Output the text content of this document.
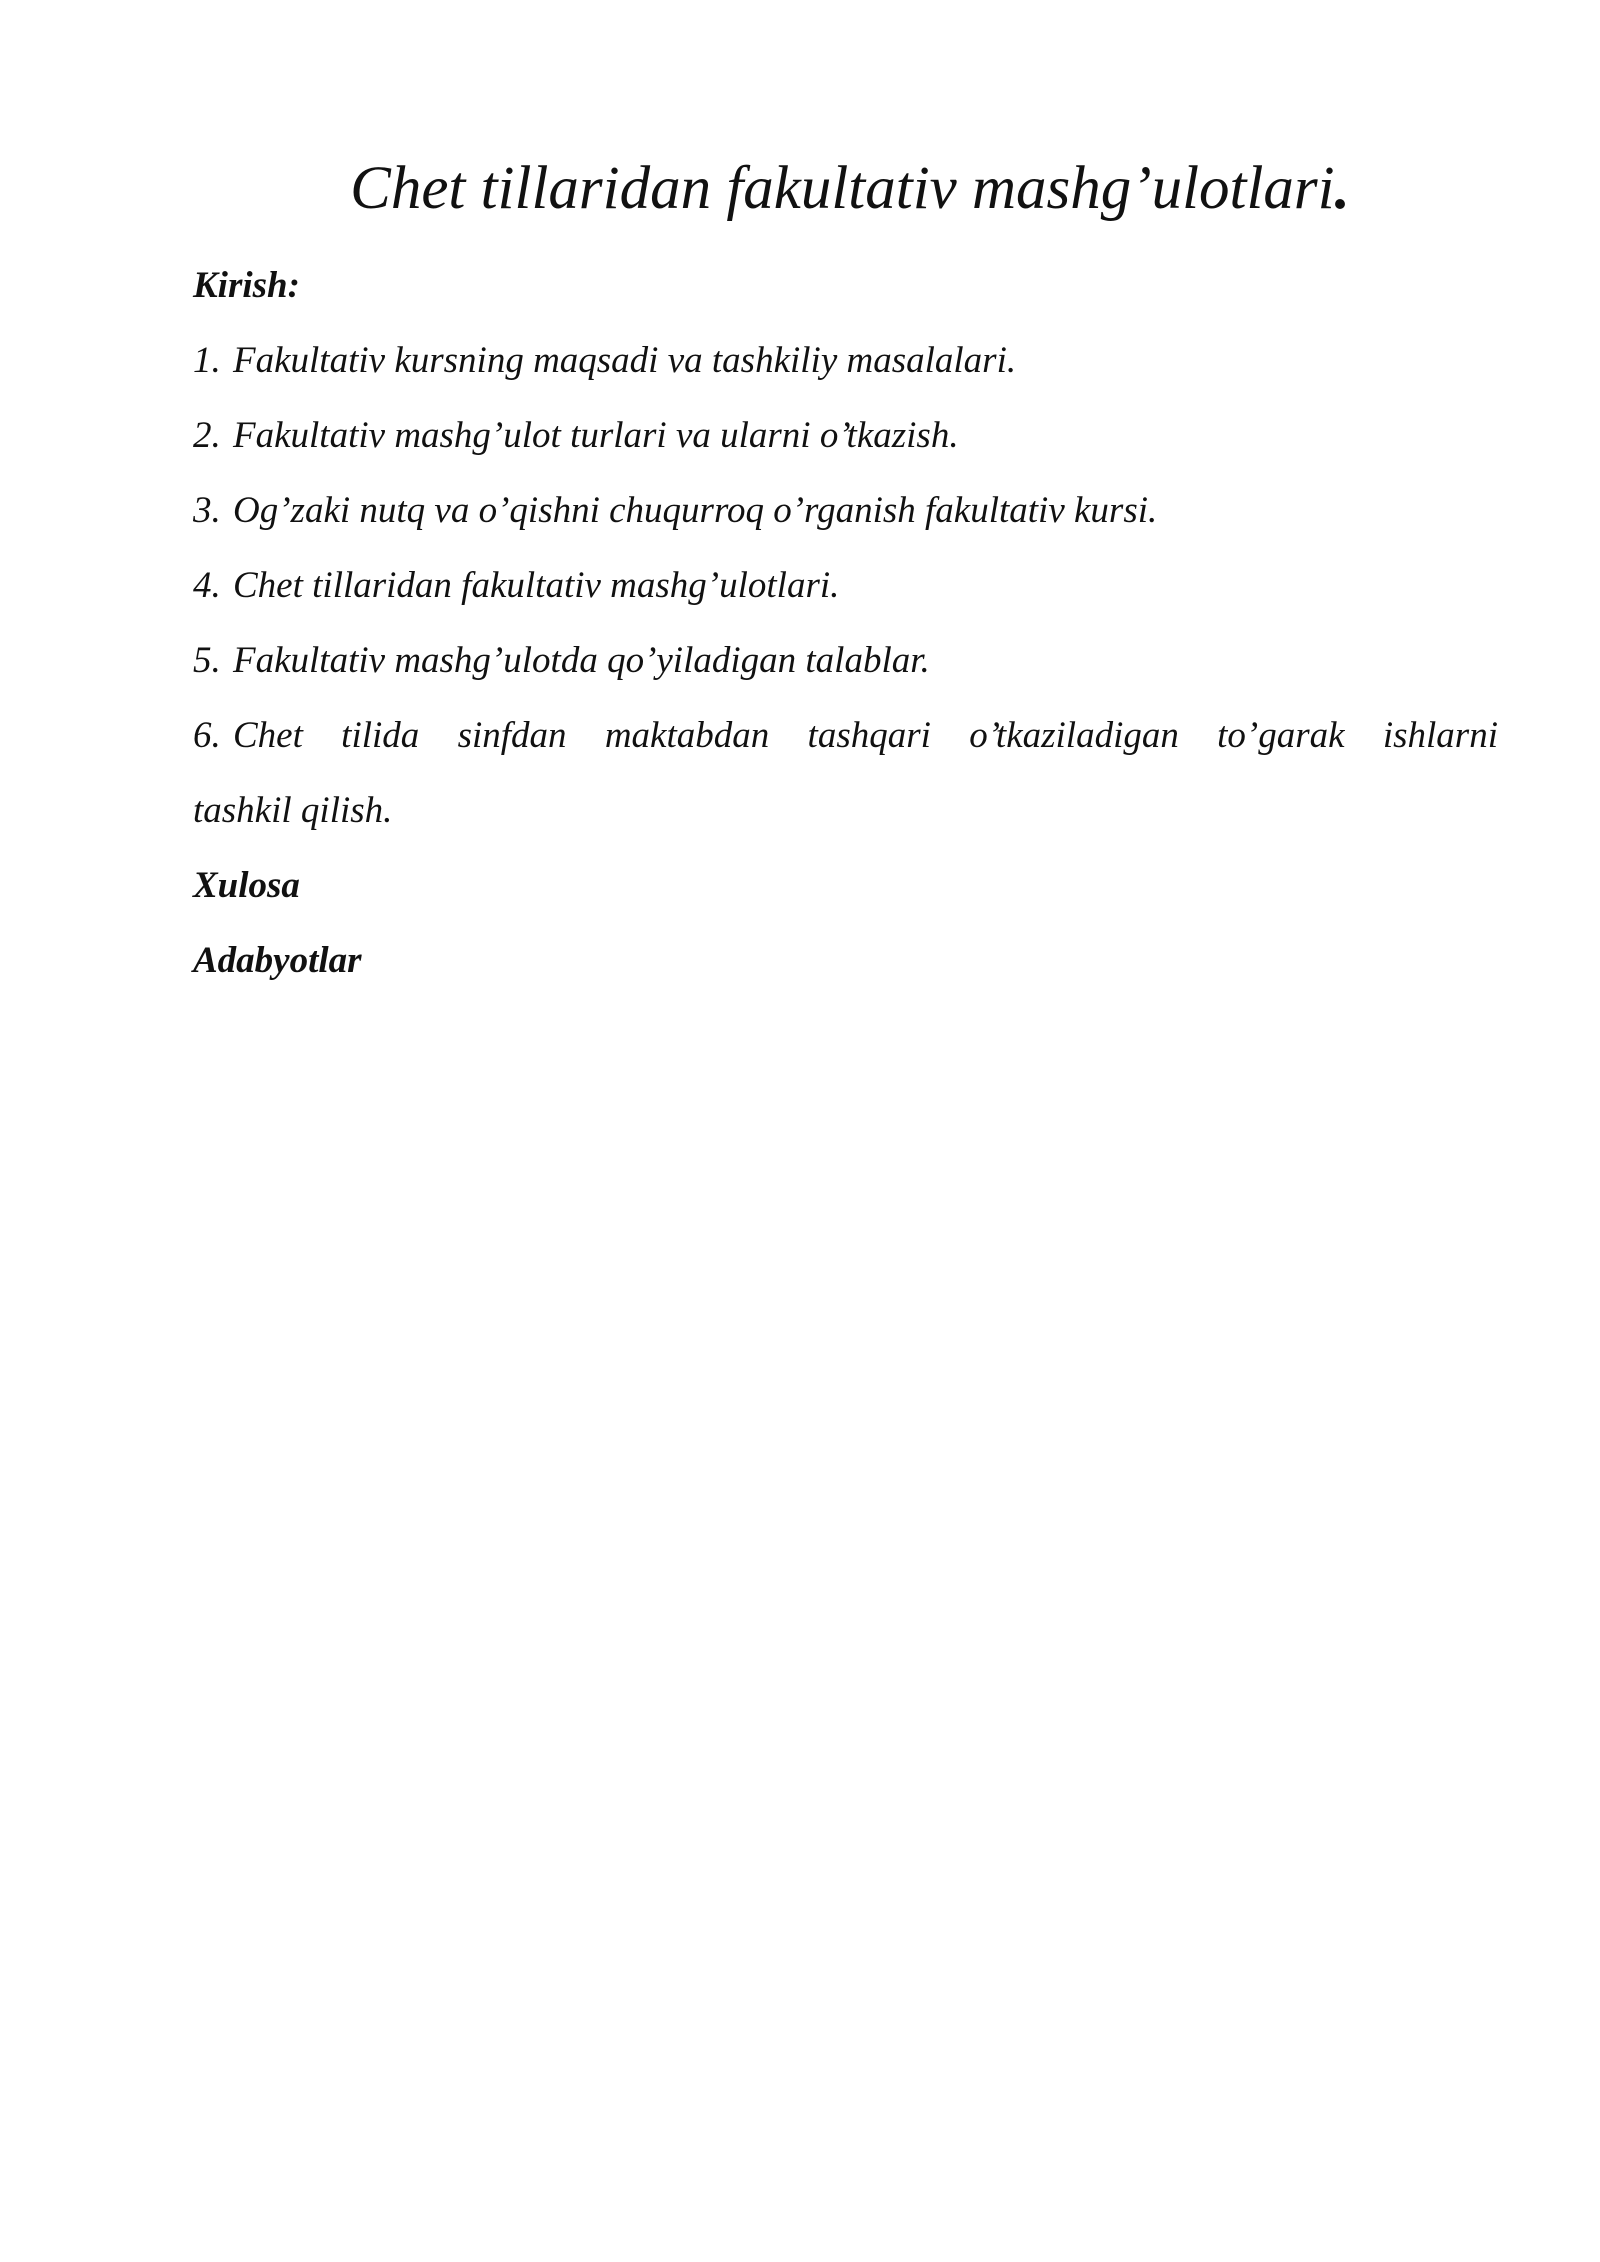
Chet tillaridan fakultativ mashg’ulotlari.
Kirish:
1. Fakultativ kursning maqsadi va tashkiliy masalalari.
2. Fakultativ mashg’ulot turlari va ularni o’tkazish.
3. Og’zaki nutq va o’qishni chuqurroq o’rganish fakultativ kursi.
4. Chet tillaridan fakultativ mashg’ulotlari.
5. Fakultativ mashg’ulotda qo’yiladigan talablar.
6. Chet tilida sinfdan maktabdan tashqari o’tkaziladigan to’garak ishlarni
tashkil qilish.
Xulosa
Adabyotlar
